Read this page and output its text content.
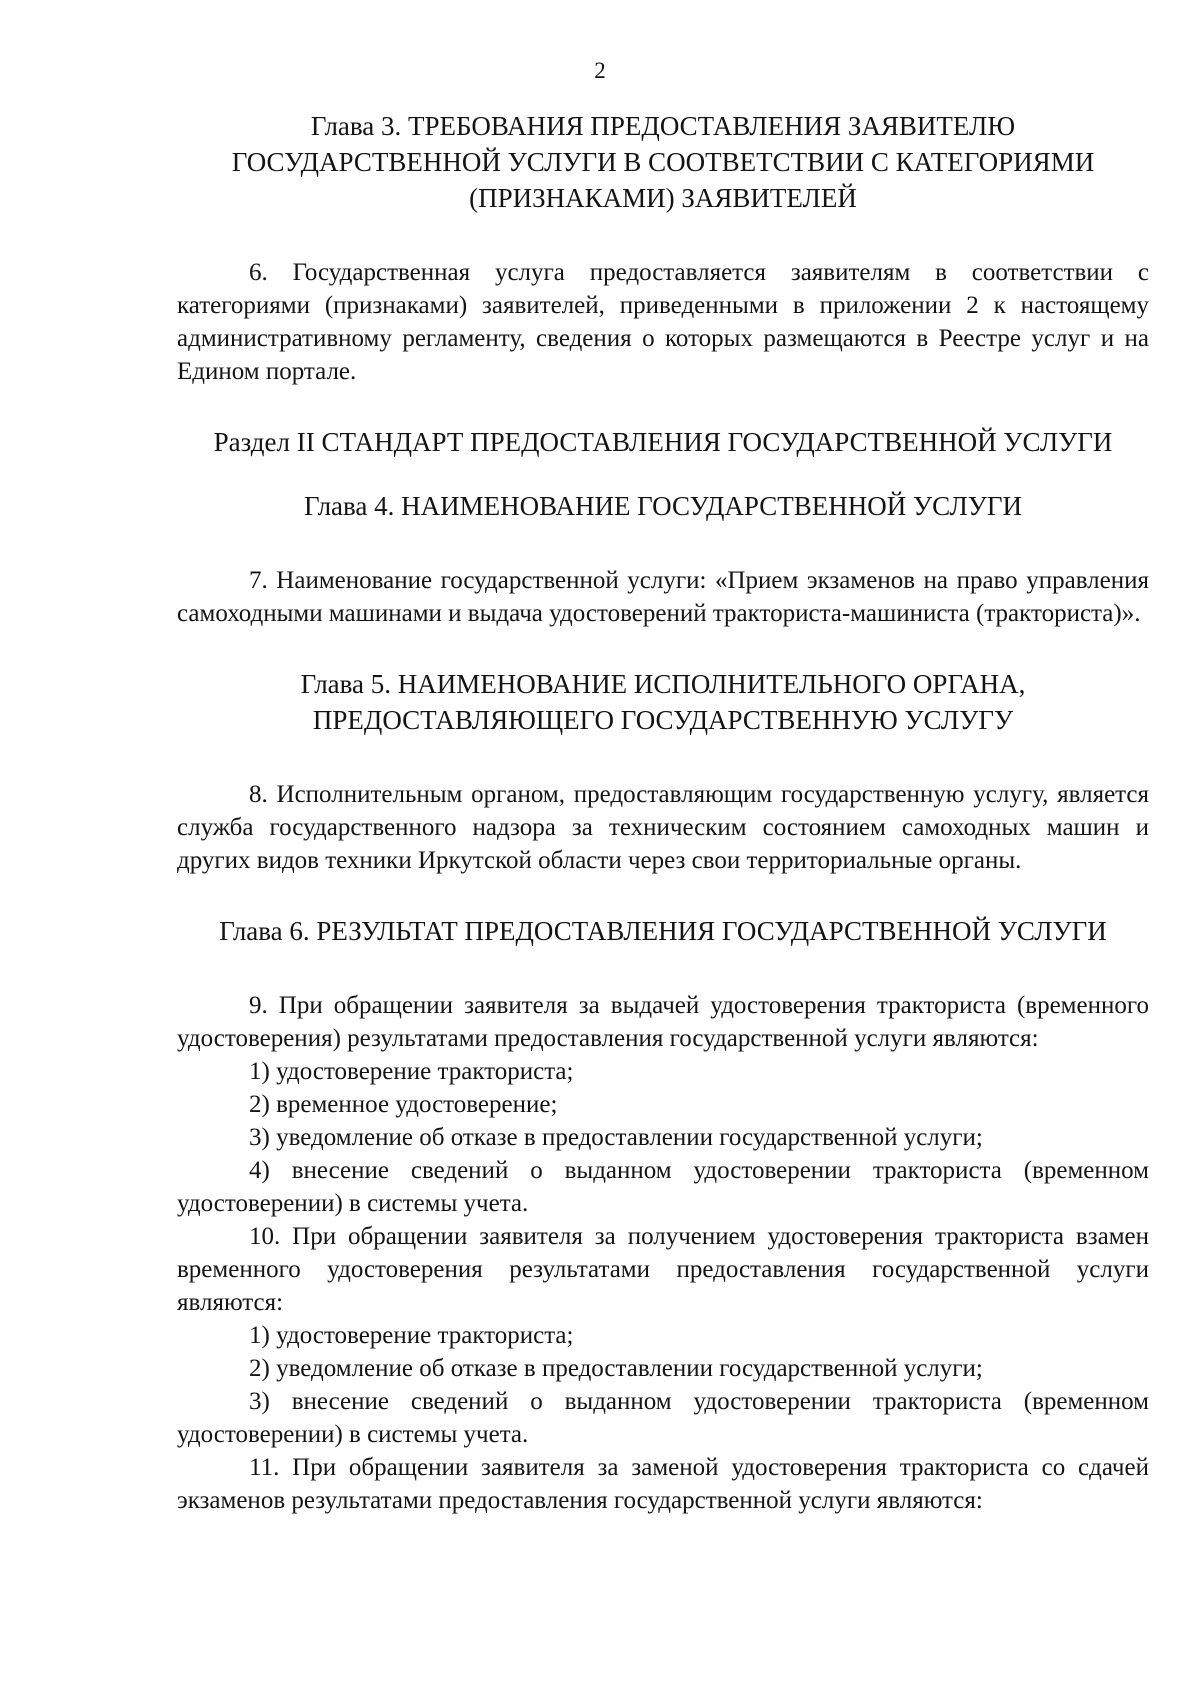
2
Глава 3. ТРЕБОВАНИЯ ПРЕДОСТАВЛЕНИЯ ЗАЯВИТЕЛЮ
ГОСУДАРСТВЕННОЙ УСЛУГИ В СООТВЕТСТВИИ С КАТЕГОРИЯМИ
(ПРИЗНАКАМИ) ЗАЯВИТЕЛЕЙ

6. Государственная услуга предоставляется заявителям в соответствии с категориями (признаками) заявителей, приведенными в приложении 2 к настоящему административному регламенту, сведения о которых размещаются в Реестре услуг и на Едином портале.

Раздел II СТАНДАРТ ПРЕДОСТАВЛЕНИЯ ГОСУДАРСТВЕННОЙ УСЛУГИ
Глава 4. НАИМЕНОВАНИЕ ГОСУДАРСТВЕННОЙ УСЛУГИ

7. Наименование государственной услуги: «Прием экзаменов на право управления самоходными машинами и выдача удостоверений тракториста-машиниста (тракториста)».

Глава 5. НАИМЕНОВАНИЕ ИСПОЛНИТЕЛЬНОГО ОРГАНА,
ПРЕДОСТАВЛЯЮЩЕГО ГОСУДАРСТВЕННУЮ УСЛУГУ

8. Исполнительным органом, предоставляющим государственную услугу, является служба государственного надзора за техническим состоянием самоходных машин и других видов техники Иркутской области через свои территориальные органы.

Глава 6. РЕЗУЛЬТАТ ПРЕДОСТАВЛЕНИЯ ГОСУДАРСТВЕННОЙ УСЛУГИ

9. При обращении заявителя за выдачей удостоверения тракториста (временного удостоверения) результатами предоставления государственной услуги являются:

1) удостоверение тракториста;

2) временное удостоверение;

3) уведомление об отказе в предоставлении государственной услуги;

4) внесение сведений о выданном удостоверении тракториста (временном удостоверении) в системы учета.

10. При обращении заявителя за получением удостоверения тракториста взамен временного удостоверения результатами предоставления государственной услуги являются:

1) удостоверение тракториста;

2) уведомление об отказе в предоставлении государственной услуги;

3) внесение сведений о выданном удостоверении тракториста (временном удостоверении) в системы учета.

11. При обращении заявителя за заменой удостоверения тракториста со сдачей экзаменов результатами предоставления государственной услуги являются:
